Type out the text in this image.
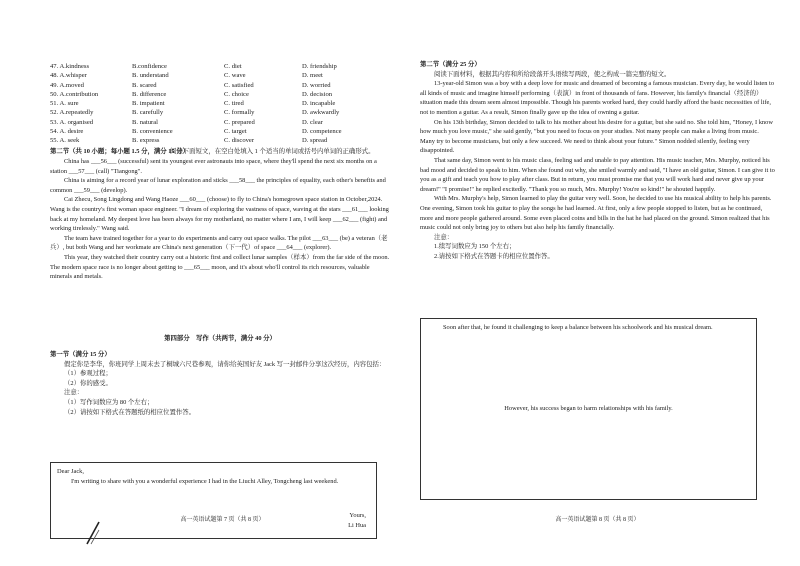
47. A.kindness	B.confidence	C. diet	D. friendship
48. A.whisper	B. understand	C. wave	D. meet
49. A.moved	B. scared	C. satisfied	D. worried
50. A.contribution	B. difference	C. choice	D. decision
51. A. sure	B. impatient	C. tired	D. incapable
52. A.repeatedly	B. carefully	C. formally	D. awkwardly
53. A. organised	B. natural	C. prepared	D. clear
54. A. desire	B. convenience	C. target	D. competence
55. A. seek	B. express	C. discover	D. spread

第二节（共 10 小题；每小题 1.5 分，满分 15 分）

阅读下面短文，在空白处填入 1 个适当的单词或括号内单词的正确形式。

China has ___56___ (successful) sent its youngest ever astronauts into space, where they'll spend the next six months on a station ___57___ (call) "Tiangong".

China is aiming for a record year of lunar exploration and sticks ___58___ the principles of equality, each other's benefits and common ___59___ (develop).

Cai Zhecu, Song Lingdong and Wang Haoze ___60___ (choose) to fly to China's homegrown space station in October,2024. Wang is the country's first woman space engineer. "I dream of exploring the vastness of space, waving at the stars ___61___ looking back at my homeland. My deepest love has been always for my motherland, no matter where I am, I will keep ___62___ (fight) and working tirelessly." Wang said.

The team have trained together for a year to do experiments and carry out space walks. The pilot ___63___ (be) a veteran（老兵）, but both Wang and her workmate are China's next generation（下一代）of space ___64___ (explorer).

This year, they watched their country carry out a historic first and collect lunar samples（样本）from the far side of the moon. The modern space race is no longer about getting to ___65___ moon, and it's about who'll control its rich resources, valuable minerals and metals.

第四部分　写作（共两节，满分 40 分）

第一节（满分 15 分）

假定你是李华，你班同学上周末去了桐城六尺巷参观，请你给英国好友 Jack 写一封邮件分享这次经历，内容包括：

（1）参观过程；

（2）你的感受。

注意：

（1）写作词数应为 80 个左右；

（2）请按如下格式在答题纸的相应位置作答。

Dear Jack,

I'm writing to share with you a wonderful experience I had in the Liuchi Alley, Tongcheng last weekend.

Yours,
Li Hua
高一英语试题第 7 页（共 8 页）

第二节（满分 25 分）

阅读下面材料，根据其内容和所给段落开头语续写两段，使之构成一篇完整的短文。

13-year-old Simon was a boy with a deep love for music and dreamed of becoming a famous musician. Every day, he would listen to all kinds of music and imagine himself performing（表演）in front of thousands of fans. However, his family's financial（经济的）situation made this dream seem almost impossible. Though his parents worked hard, they could hardly afford the basic necessities of life, not to mention a guitar. As a result, Simon finally gave up the idea of owning a guitar.

On his 13th birthday, Simon decided to talk to his mother about his desire for a guitar, but she said no. She told him, "Honey, I know how much you love music," she said gently, "but you need to focus on your studies. Not many people can make a living from music. Many try to become musicians, but only a few succeed. We need to think about your future." Simon nodded silently, feeling very disappointed.

That same day, Simon went to his music class, feeling sad and unable to pay attention. His music teacher, Mrs. Murphy, noticed his bad mood and decided to speak to him. When she found out why, she smiled warmly and said, "I have an old guitar, Simon. I can give it to you as a gift and teach you how to play after class. But in return, you must promise me that you will work hard and never give up your dream!" "I promise!" he replied excitedly. "Thank you so much, Mrs. Murphy! You're so kind!" he shouted happily.

With Mrs. Murphy's help, Simon learned to play the guitar very well. Soon, he decided to use his musical ability to help his parents. One evening, Simon took his guitar to play the songs he had learned. At first, only a few people stopped to listen, but as he continued, more and more people gathered around. Some even placed coins and bills in the hat he had placed on the ground. Simon realized that his music could not only bring joy to others but also help his family financially.

注意：

1.续写词数应为 150 个左右；

2.请按如下格式在答题卡的相应位置作答。

Soon after that, he found it challenging to keep a balance between his schoolwork and his musical dream.
However, his success began to harm relationships with his family.
高一英语试题第 8 页（共 8 页）
